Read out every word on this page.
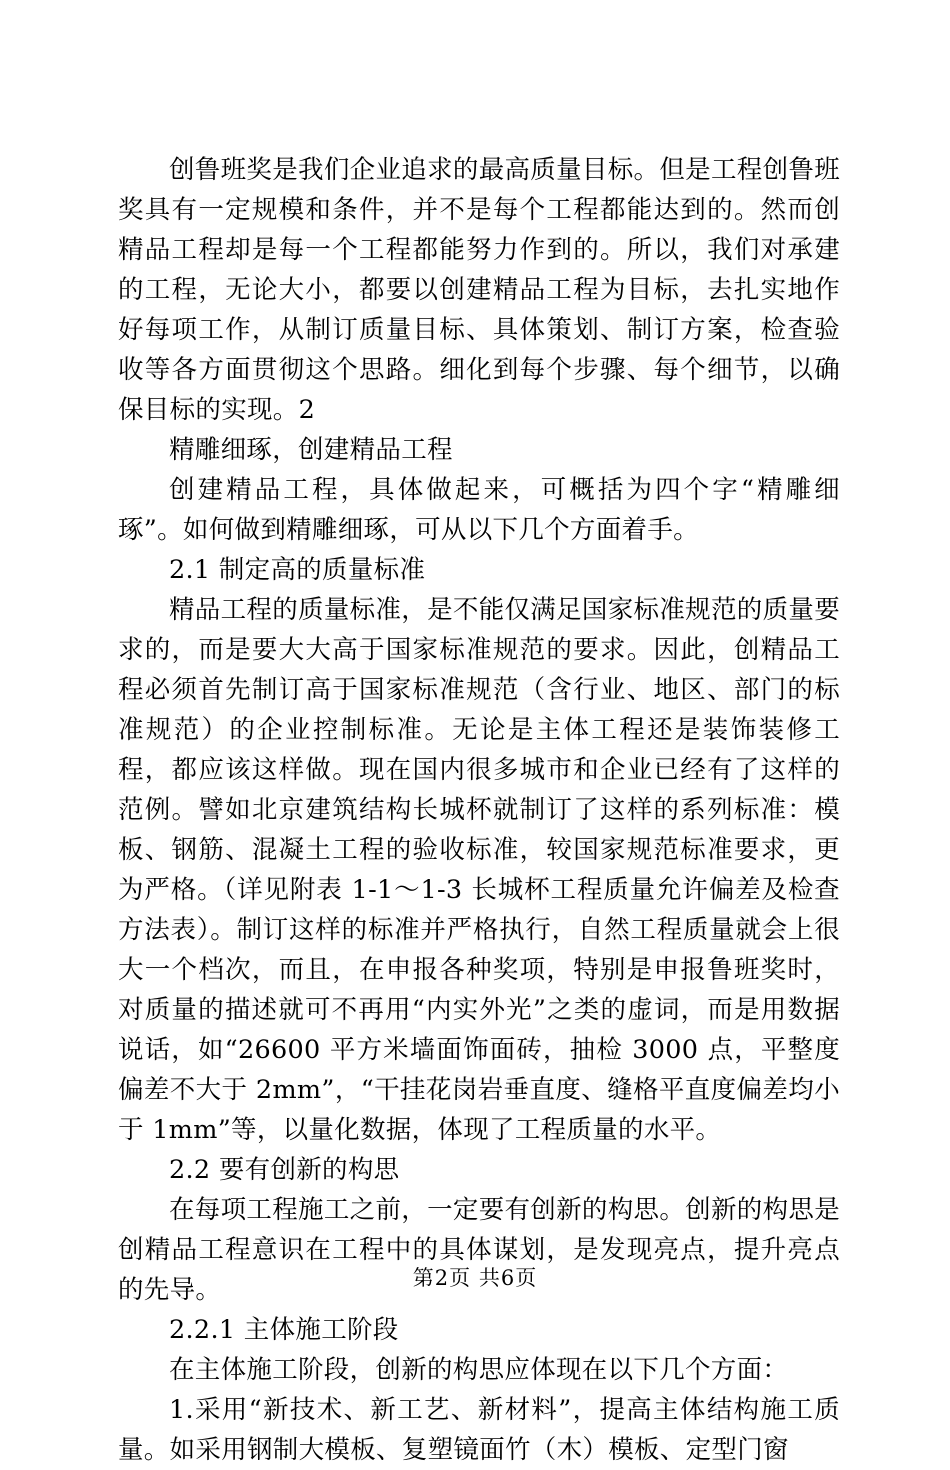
创鲁班奖是我们企业追求的最高质量目标。但是工程创鲁班奖具有一定规模和条件，并不是每个工程都能达到的。然而创精品工程却是每一个工程都能努力作到的。所以，我们对承建的工程，无论大小，都要以创建精品工程为目标，去扎实地作好每项工作，从制订质量目标、具体策划、制订方案，检查验收等各方面贯彻这个思路。细化到每个步骤、每个细节，以确保目标的实现。2

精雕细琢，创建精品工程

创建精品工程，具体做起来，可概括为四个字“精雕细琢”。如何做到精雕细琢，可从以下几个方面着手。

2.1 制定高的质量标准

精品工程的质量标准，是不能仅满足国家标准规范的质量要求的，而是要大大高于国家标准规范的要求。因此，创精品工程必须首先制订高于国家标准规范（含行业、地区、部门的标准规范）的企业控制标准。无论是主体工程还是装饰装修工程，都应该这样做。现在国内很多城市和企业已经有了这样的范例。譬如北京建筑结构长城杯就制订了这样的系列标准：模板、钢筋、混凝土工程的验收标准，较国家规范标准要求，更为严格。（详见附表 1-1～1-3 长城杯工程质量允许偏差及检查方法表）。制订这样的标准并严格执行，自然工程质量就会上很大一个档次，而且，在申报各种奖项，特别是申报鲁班奖时，对质量的描述就可不再用“内实外光”之类的虚词，而是用数据说话，如“26600 平方米墙面饰面砖，抽检 3000 点，平整度偏差不大于 2mm”，“干挂花岗岩垂直度、缝格平直度偏差均小于 1mm”等，以量化数据，体现了工程质量的水平。

2.2 要有创新的构思

在每项工程施工之前，一定要有创新的构思。创新的构思是创精品工程意识在工程中的具体谋划，是发现亮点，提升亮点的先导。

2.2.1 主体施工阶段

在主体施工阶段，创新的构思应体现在以下几个方面：

1.采用“新技术、新工艺、新材料”，提高主体结构施工质量。如采用钢制大模板、复塑镜面竹（木）模板、定型门窗

第2页 共6页
